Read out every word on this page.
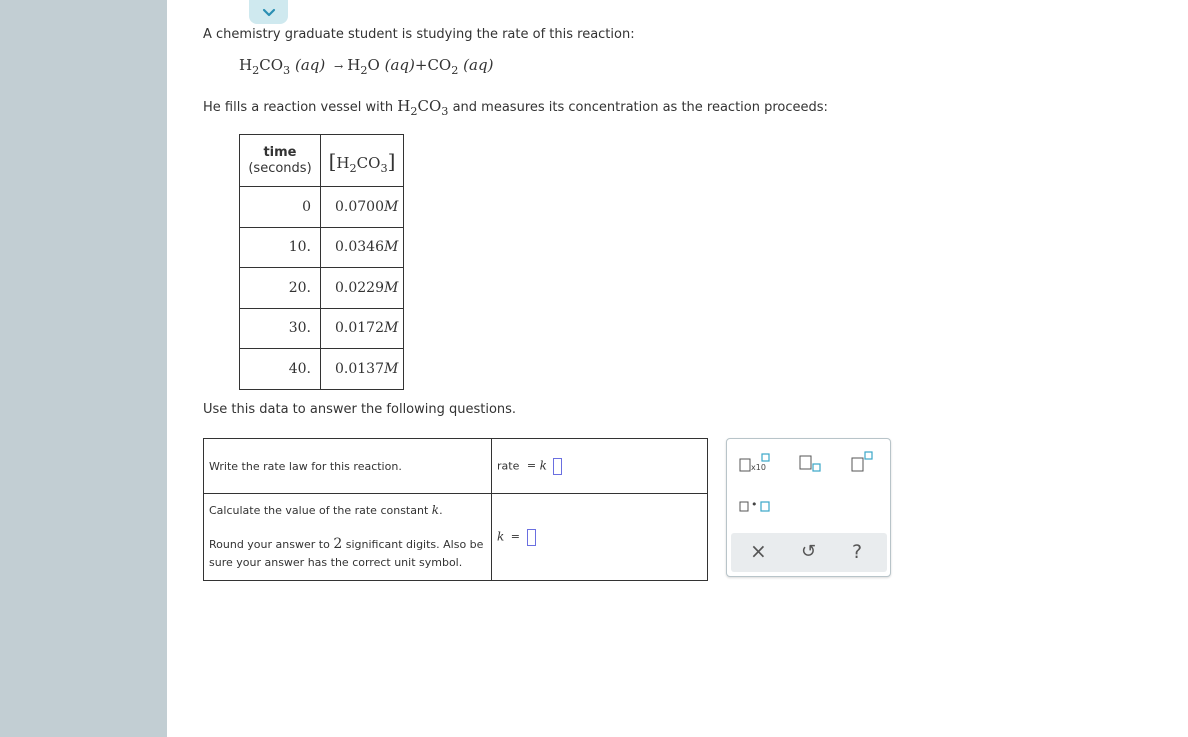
A chemistry graduate student is studying the rate of this reaction:
$H_2CO_3$ $(aq) \to H_2O$ $(aq)+CO_2$ (aq)
He fills a reaction vessel with $H_2CO_3$ and measures its concentration as the reaction proceeds:
time
(seconds)	$[H_2CO_3]$
0	0.0700M
10.	0.0346M
20.	0.0229M
30.	0.0172M
40.	0.0137M
Use this data to answer the following questions.
Write the rate law for this reaction.	rate = k

Calculate the value of the rate constant k.
Round your answer to 2 significant digits. Also be sure your answer has the correct unit symbol.	k =
x10
•
× ↺ ?
